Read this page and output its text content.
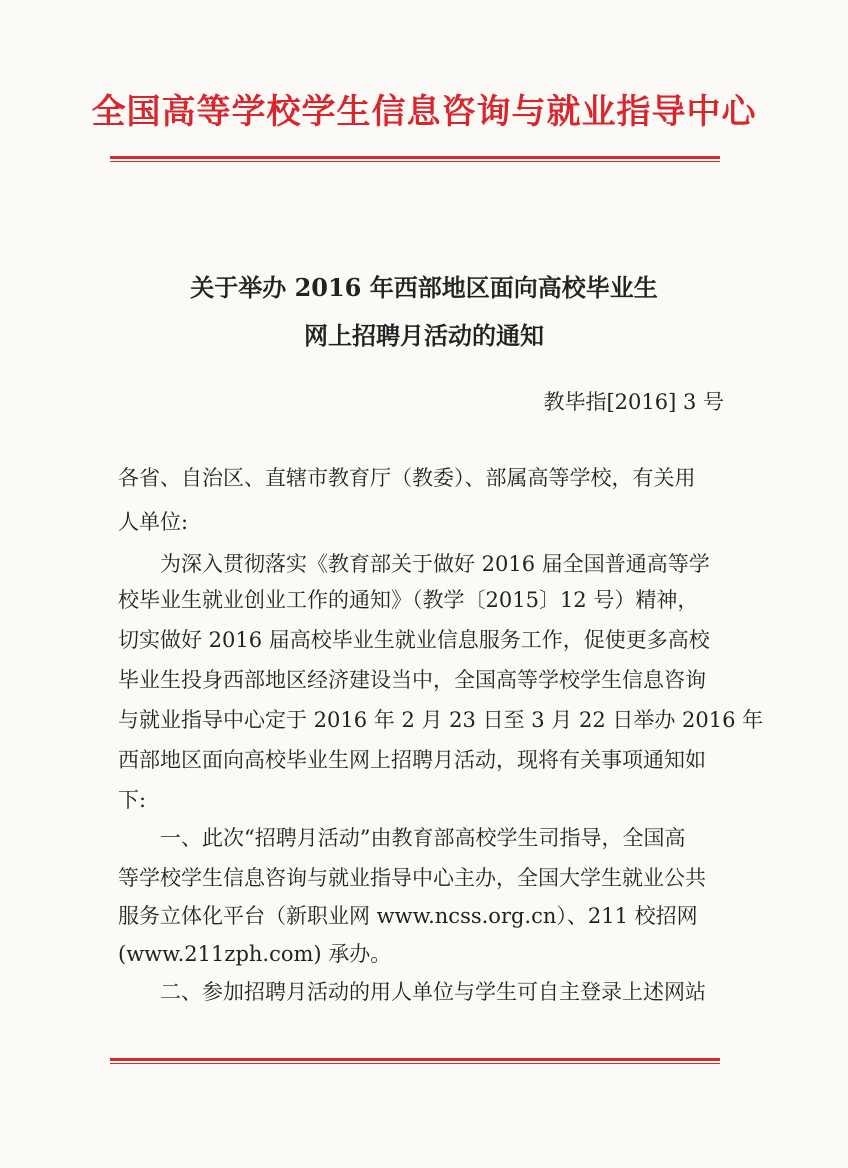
全国高等学校学生信息咨询与就业指导中心
关于举办 2016 年西部地区面向高校毕业生
网上招聘月活动的通知
教毕指[2016] 3 号
各省、自治区、直辖市教育厅（教委）、部属高等学校，有关用
人单位:
为深入贯彻落实《教育部关于做好 2016 届全国普通高等学
校毕业生就业创业工作的通知》（教学〔2015〕12 号）精神，
切实做好 2016 届高校毕业生就业信息服务工作，促使更多高校
毕业生投身西部地区经济建设当中，全国高等学校学生信息咨询
与就业指导中心定于 2016 年 2 月 23 日至 3 月 22 日举办 2016 年
西部地区面向高校毕业生网上招聘月活动，现将有关事项通知如
下:
一、此次“招聘月活动”由教育部高校学生司指导，全国高
等学校学生信息咨询与就业指导中心主办，全国大学生就业公共
服务立体化平台（新职业网 www.ncss.org.cn）、211 校招网
(www.211zph.com) 承办。
二、参加招聘月活动的用人单位与学生可自主登录上述网站
